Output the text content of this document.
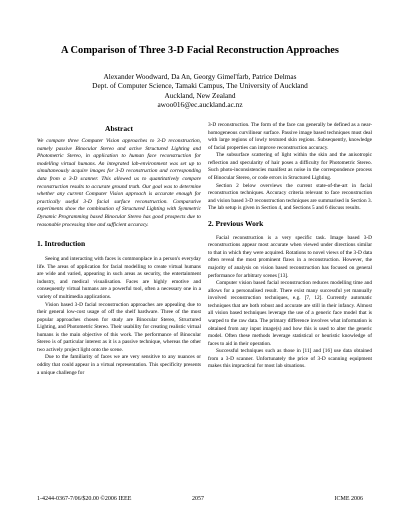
A Comparison of Three 3-D Facial Reconstruction Approaches
Alexander Woodward, Da An, Georgy Gimel'farb, Patrice Delmas
Dept. of Computer Science, Tamaki Campus, The University of Auckland
Auckland, New Zealand
awoo016@ec.auckland.ac.nz
Abstract

We compare three Computer Vision approaches to 3-D reconstruction, namely passive Binocular Stereo and active Structured Lighting and Photometric Stereo, in application to human face reconstruction for modelling virtual humans. An integrated lab-environment was set up to simultaneously acquire images for 3-D reconstruction and corresponding data from a 3-D scanner. This allowed us to quantitatively compare reconstruction results to accurate ground truth. Our goal was to determine whether any current Computer Vision approach is accurate enough for practically useful 3-D facial surface reconstruction. Comparative experiments show the combination of Structured Lighting with Symmetric Dynamic Programming based Binocular Stereo has good prospects due to reasonable processing time and sufficient accuracy.

1. Introduction

Seeing and interacting with faces is commonplace in a person's everyday life. The areas of application for facial modelling to create virtual humans are wide and varied, appearing in such areas as security, the entertainment industry, and medical visualisation. Faces are highly emotive and consequently virtual humans are a powerful tool, often a necessary one in a variety of multimedia applications.

Vision based 3-D facial reconstruction approaches are appealing due to their general low-cost usage of off the shelf hardware. Three of the most popular approaches chosen for study are Binocular Stereo, Structured Lighting, and Photometric Stereo. Their usability for creating realistic virtual humans is the main objective of this work. The performance of Binocular Stereo is of particular interest as it is a passive technique, whereas the other two actively project light onto the scene.

Due to the familiarity of faces we are very sensitive to any nuances or oddity that could appear in a virtual representation. This specificity presents a unique challenge for

3-D reconstruction. The form of the face can generally be defined as a near-homogeneous curvilinear surface. Passive image based techniques must deal with large regions of lowly textured skin regions. Subsequently, knowledge of facial properties can improve reconstruction accuracy.

The subsurface scattering of light within the skin and the anisotropic reflection and specularity of hair poses a difficulty for Photometric Stereo. Such photo-inconsistencies manifest as noise in the correspondence process of Binocular Stereo, or code errors in Structured Lighting.

Section 2 below overviews the current state-of-the-art in facial reconstruction techniques. Accuracy criteria relevant to face reconstruction and vision based 3-D reconstruction techniques are summarised in Section 3. The lab setup is given in Section 4, and Sections 5 and 6 discuss results.

2. Previous Work

Facial reconstruction is a very specific task. Image based 3-D reconstructions appear most accurate when viewed under directions similar to that in which they were acquired. Rotations to novel views of the 3-D data often reveal the most prominent flaws in a reconstruction. However, the majority of analysis on vision based reconstruction has focused on general performance for arbitrary scenes [13].

Computer vision based facial reconstruction reduces modelling time and allows for a personalised result. There exist many successful yet manually involved reconstruction techniques, e.g. [7, 12]. Currently automatic techniques that are both robust and accurate are still in their infancy. Almost all vision based techniques leverage the use of a generic face model that is warped to the raw data. The primary difference involves what information is obtained from any input image(s) and how this is used to alter the generic model. Often these methods leverage statistical or heuristic knowledge of faces to aid in their operation.

Successful techniques such as those in [11] and [16] use data obtained from a 3-D scanner. Unfortunately the price of 3-D scanning equipment makes this impractical for most lab situations.

1-4244-0367-7/06/$20.00 ©2006 IEEE	2057	ICME 2006
